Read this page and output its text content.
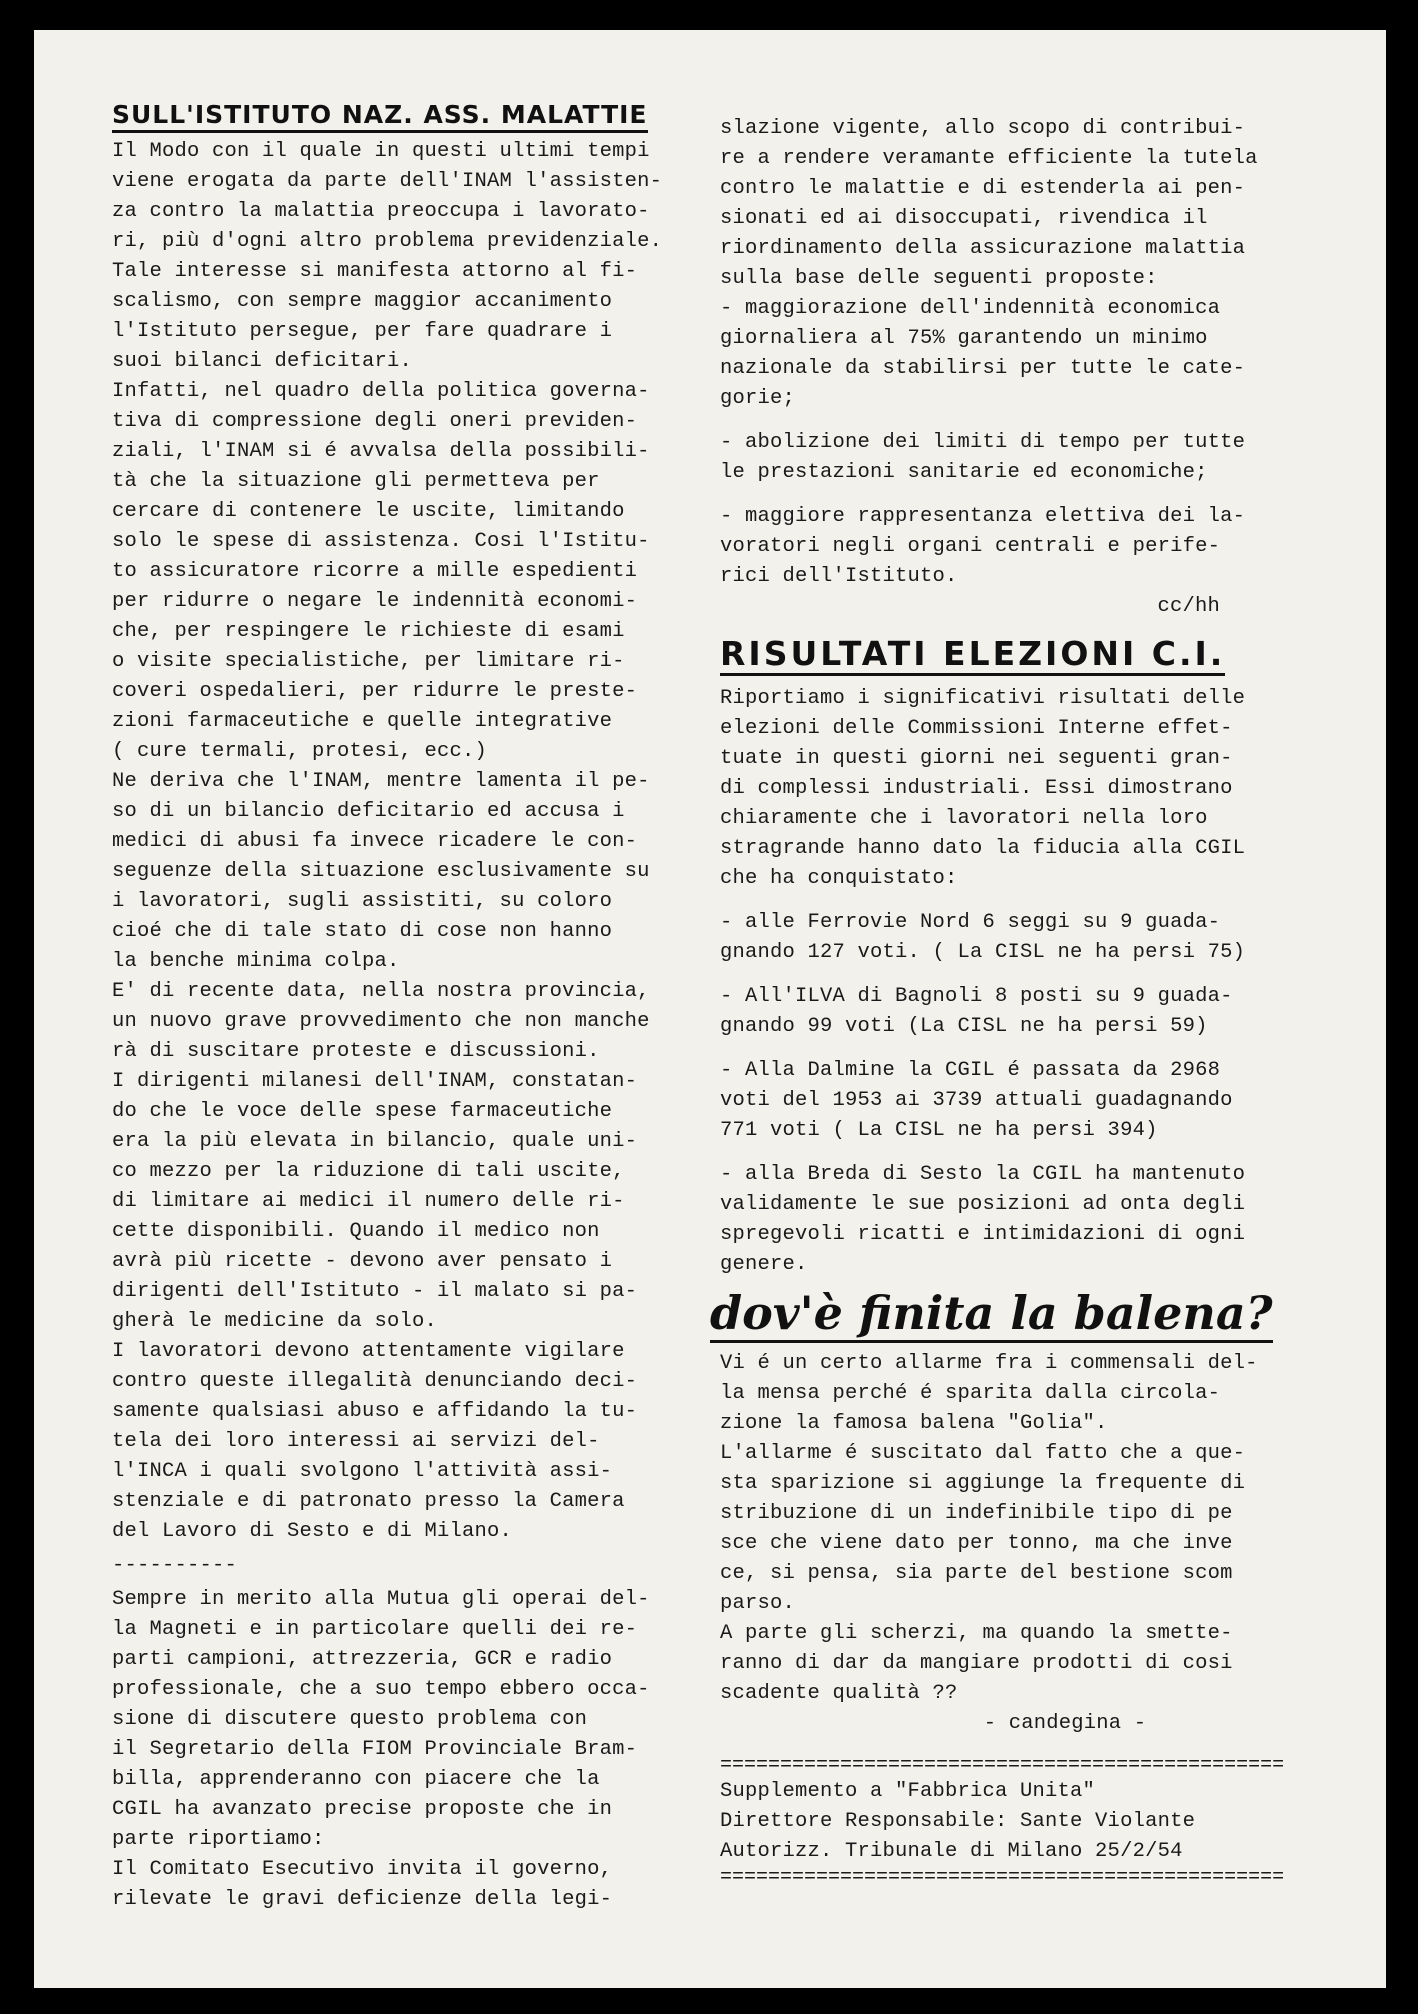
SULL'ISTITUTO NAZ. ASS. MALATTIE

Il Modo con il quale in questi ultimi tempi
viene erogata da parte dell'INAM l'assisten-
za contro la malattia preoccupa i lavorato-
ri, più d'ogni altro problema previdenziale.
Tale interesse si manifesta attorno al fi-
scalismo, con sempre maggior accanimento
l'Istituto persegue, per fare quadrare i
suoi bilanci deficitari.

Infatti, nel quadro della politica governa-
tiva di compressione degli oneri previden-
ziali, l'INAM si é avvalsa della possibili-
tà che la situazione gli permetteva per
cercare di contenere le uscite, limitando
solo le spese di assistenza. Cosi l'Istitu-
to assicuratore ricorre a mille espedienti
per ridurre o negare le indennità economi-
che, per respingere le richieste di esami
o visite specialistiche, per limitare ri-
coveri ospedalieri, per ridurre le preste-
zioni farmaceutiche e quelle integrative
( cure termali, protesi, ecc.)

Ne deriva che l'INAM, mentre lamenta il pe-
so di un bilancio deficitario ed accusa i
medici di abusi fa invece ricadere le con-
seguenze della situazione esclusivamente su
i lavoratori, sugli assistiti, su coloro
cioé che di tale stato di cose non hanno
la benche minima colpa.

E' di recente data, nella nostra provincia,
un nuovo grave provvedimento che non manche
rà di suscitare proteste e discussioni.

I dirigenti milanesi dell'INAM, constatan-
do che le voce delle spese farmaceutiche
era la più elevata in bilancio, quale uni-
co mezzo per la riduzione di tali uscite,
di limitare ai medici il numero delle ri-
cette disponibili. Quando il medico non
avrà più ricette - devono aver pensato i
dirigenti dell'Istituto - il malato si pa-
gherà le medicine da solo.

I lavoratori devono attentamente vigilare
contro queste illegalità denunciando deci-
samente qualsiasi abuso e affidando la tu-
tela dei loro interessi ai servizi del-
l'INCA i quali svolgono l'attività assi-
stenziale e di patronato presso la Camera
del Lavoro di Sesto e di Milano.

----------

Sempre in merito alla Mutua gli operai del-
la Magneti e in particolare quelli dei re-
parti campioni, attrezzeria, GCR e radio
professionale, che a suo tempo ebbero occa-
sione di discutere questo problema con
il Segretario della FIOM Provinciale Bram-
billa, apprenderanno con piacere che la
CGIL ha avanzato precise proposte che in
parte riportiamo:

Il Comitato Esecutivo invita il governo,
rilevate le gravi deficienze della legi-

slazione vigente, allo scopo di contribui-
re a rendere veramante efficiente la tutela
contro le malattie e di estenderla ai pen-
sionati ed ai disoccupati, rivendica il
riordinamento della assicurazione malattia
sulla base delle seguenti proposte:
- maggiorazione dell'indennità economica
giornaliera al 75% garantendo un minimo
nazionale da stabilirsi per tutte le cate-
gorie;

- abolizione dei limiti di tempo per tutte
le prestazioni sanitarie ed economiche;

- maggiore rappresentanza elettiva dei la-
voratori negli organi centrali e perife-
rici dell'Istituto.

cc/hh

RISULTATI ELEZIONI C.I.

Riportiamo i significativi risultati delle
elezioni delle Commissioni Interne effet-
tuate in questi giorni nei seguenti gran-
di complessi industriali. Essi dimostrano
chiaramente che i lavoratori nella loro
stragrande hanno dato la fiducia alla CGIL
che ha conquistato:

- alle Ferrovie Nord 6 seggi su 9 guada-
gnando 127 voti. ( La CISL ne ha persi 75)

- All'ILVA di Bagnoli 8 posti su 9 guada-
gnando 99 voti (La CISL ne ha persi 59)

- Alla Dalmine la CGIL é passata da 2968
voti del 1953 ai 3739 attuali guadagnando
771 voti ( La CISL ne ha persi 394)

- alla Breda di Sesto la CGIL ha mantenuto
validamente le sue posizioni ad onta degli
spregevoli ricatti e intimidazioni di ogni
genere.

dov'è finita la balena?

Vi é un certo allarme fra i commensali del-
la mensa perché é sparita dalla circola-
zione la famosa balena "Golia".
L'allarme é suscitato dal fatto che a que-
sta sparizione si aggiunge la frequente di
stribuzione di un indefinibile tipo di pe
sce che viene dato per tonno, ma che inve
ce, si pensa, sia parte del bestione scom
parso.
A parte gli scherzi, ma quando la smette-
ranno di dar da mangiare prodotti di cosi
scadente qualità ??

- candegina -

===============================================

Supplemento a "Fabbrica Unita"
Direttore Responsabile: Sante Violante
Autorizz. Tribunale di Milano 25/2/54

===============================================
